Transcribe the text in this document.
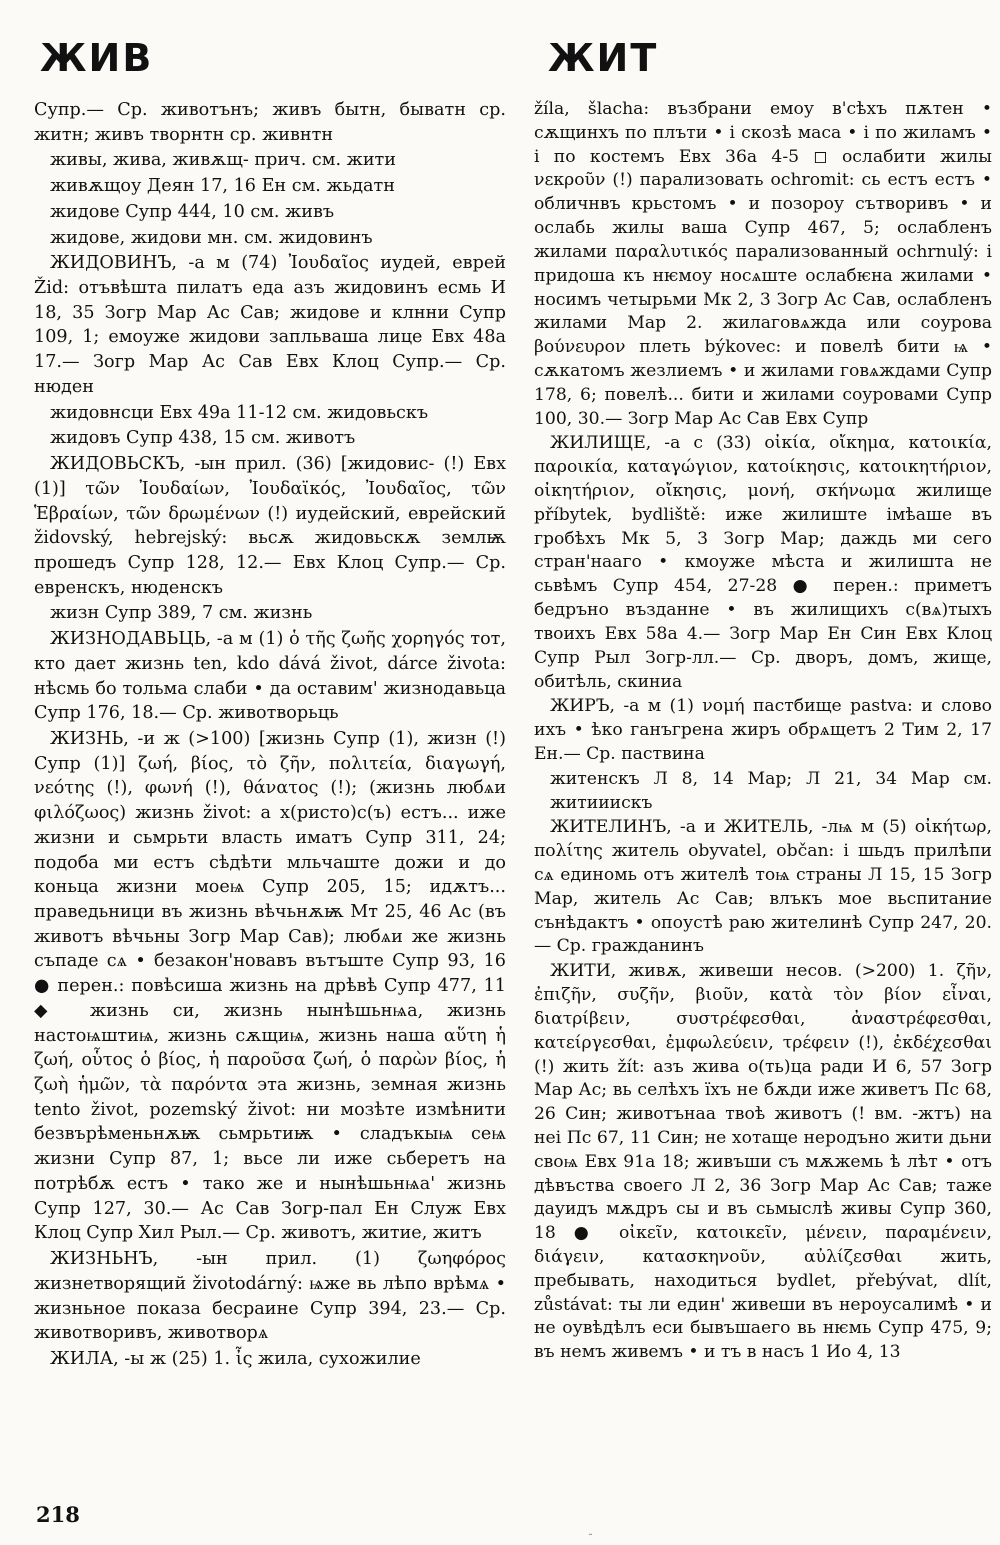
ЖИВ	ЖИТ

Супр.— Ср. животънъ; живъ бытн, быватн ср. житн; живъ творнтн ср. живнтн

живы, жива, живѫщ- прич. см. жити

живѫщоу Деян 17, 16 Ен см. жьдатн

жидове Супр 444, 10 см. живъ

жидове, жидови мн. см. жидовинъ

ЖИДОВИНЪ, -а м (74) Ἰουδαῖος иудей, еврей Žid: отъвѣшта пилатъ еда азъ жидовинъ есмь И 18, 35 Зогр Мар Ас Сав; жидове и клнни Супр 109, 1; емоуже жидови запльваша лице Евх 48а 17.— Зогр Мар Ас Сав Евх Клоц Супр.— Ср. нюден

жидовнсци Евх 49а 11-12 см. жидовьскъ

жидовъ Супр 438, 15 см. животъ

ЖИДОВЬСКЪ, -ын прил. (36) [жидовис- (!) Евх (1)] τῶν Ἰουδαίων, Ἰουδαϊκός, Ἰουδαῖος, τῶν Ἑβραίων, τῶν δρωμένων (!) иудейский, еврейский židovský, hebrejský: вьсѫ жидовьскѫ землѭ прошедъ Супр 128, 12.— Евх Клоц Супр.— Ср. евренскъ, нюденскъ

жизн Супр 389, 7 см. жизнь

ЖИЗНОДАВЬЦЬ, -а м (1) ὁ τῆς ζωῆς χορηγός тот, кто дает жизнь ten, kdo dává život, dárce života: нѣсмь бо тольма слаби • да оставим' жизнодавьца Супр 176, 18.— Ср. животворьць

ЖИЗНЬ, -и ж (>100) [жизнь Супр (1), жизн (!) Супр (1)] ζωή, βίος, τὸ ζῆν, πολιτεία, διαγωγή, νεότης (!), φωνή (!), θάνατος (!); (жизнь любѧи φιλόζωος) жизнь život: а х(ристо)с(ъ) естъ... иже жизни и сьмрьти власть иматъ Супр 311, 24; подоба ми естъ сѣдѣти мльчаште дожи и до коньца жизни моеѩ Супр 205, 15; идѫтъ... праведьници въ жизнь вѣчьнѫѭ Мт 25, 46 Ас (въ животъ вѣчьны Зогр Мар Сав); любѧи же жизнь съпаде сѧ • безакон'новавъ вътъште Супр 93, 16 ● перен.: повѣсиша жизнь на дрѣвѣ Супр 477, 11 ◆ жизнь си, жизнь нынѣшьнѩа, жизнь настоѩштиѩ, жизнь сѫщиѩ, жизнь наша αὕτη ἡ ζωή, οὗτος ὁ βίος, ἡ παροῦσα ζωή, ὁ παρὼν βίος, ἡ ζωὴ ἡμῶν, τὰ παρόντα эта жизнь, земная жизнь tento život, pozemský život: ни мозѣте измѣнити безвърѣменьнѫѭ сьмрьтиѭ • сладъкыѩ сеѩ жизни Супр 87, 1; вьсе ли иже сьберетъ на потрѣбѫ естъ • тако же и нынѣшьнѩа' жизнь Супр 127, 30.— Ас Сав Зогр-пал Ен Служ Евх Клоц Супр Хил Рыл.— Ср. животъ, житие, житъ

ЖИЗНЬНЪ, -ын прил. (1) ζωηφόρος жизнетворящий životodárný: ѩже вь лѣпо врѣмѧ • жизньное показа бесраине Супр 394, 23.— Ср. животворивъ, животворѧ

ЖИЛА, -ы ж (25) 1. ἶς жила, сухожилие

žíla, šlacha: възбрани емоу в'сѣхъ пѫтен • сѫщинхъ по плъти • і скозѣ маса • і по жиламъ • і по костемъ Евх 36а 4-5 ◻ ослабити жилы νεκροῦν (!) парализовать ochromit: сь естъ естъ • обличнвъ крьстомъ • и позороу сътворивъ • и ослабь жилы ваша Супр 467, 5; ослабленъ жилами παραλυτικός парализованный ochrnulý: і придоша къ нѥмоу носѧште ослабѥна жилами • носимъ четырьми Мк 2, 3 Зогр Ас Сав, ослабленъ жилами Мар 2. жилаговѧжда или соурова βούνευρον плеть býkovec: и повелѣ бити ѩ • сѫкатомъ жезлиемъ • и жилами говѧждами Супр 178, 6; повелѣ... бити и жилами соуровами Супр 100, 30.— Зогр Мар Ас Сав Евх Супр

ЖИЛИЩЕ, -а с (33) οἰκία, οἴκημα, κατοικία, παροικία, καταγώγιον, κατοίκησις, κατοικητήριον, οἰκητήριον, οἴκησις, μονή, σκήνωμα жилище příbytek, bydliště: иже жилиште імѣаше въ гробѣхъ Мк 5, 3 Зогр Мар; даждь ми сего стран'нааго • кмоуже мѣста и жилишта не сьвѣмъ Супр 454, 27-28 ● перен.: приметъ бедръно възданне • въ жилищихъ с(вѧ)тыхъ твоихъ Евх 58а 4.— Зогр Мар Ен Син Евх Клоц Супр Рыл Зогр-лл.— Ср. дворъ, домъ, жище, обитѣль, скиниа

ЖИРЪ, -а м (1) νομή пастбище pastva: и слово ихъ • ѣко ганъгрена жиръ обрѧщетъ 2 Тим 2, 17 Ен.— Ср. паствина

житенскъ Л 8, 14 Мар; Л 21, 34 Мар см. житииискъ

ЖИТЕЛИНЪ, -а и ЖИТЕЛЬ, -лѩ м (5) οἰκήτωρ, πολίτης житель obyvatel, občan: і шьдъ прилѣпи сѧ единомь отъ жителѣ тоѩ страны Л 15, 15 Зогр Мар, житель Ас Сав; влъкъ мое вьспитание сънѣдактъ • опоустѣ раю жителинѣ Супр 247, 20.— Ср. гражданинъ

ЖИТИ, живѫ, живеши несов. (>200) 1. ζῆν, ἐπιζῆν, συζῆν, βιοῦν, κατὰ τὸν βίον εἶναι, διατρίβειν, συστρέφεσθαι, ἀναστρέφεσθαι, κατείργεσθαι, ἐμφωλεύειν, τρέφειν (!), ἐκδέχεσθαι (!) жить žít: азъ жива о(ть)ца ради И 6, 57 Зогр Мар Ас; вь селѣхъ їхъ не бѫди иже живетъ Пс 68, 26 Син; животънаа твоѣ животъ (! вм. -жтъ) на неі Пс 67, 11 Син; не хотаще неродъно жити дьни своѩ Евх 91а 18; живъши съ мѫжемь ѣ лѣт • отъ дѣвъства своего Л 2, 36 Зогр Мар Ас Сав; таже дауидъ мѫдръ сы и въ сьмыслѣ живы Супр 360, 18 ● οἰκεῖν, κατοικεῖν, μένειν, παραμένειν, διάγειν, κατασκηνοῦν, αὐλίζεσθαι жить, пребывать, находиться bydlet, přebývat, dlít, zůstávat: ты ли един' живеши въ нероусалимѣ • и не оувѣдѣлъ еси бывъшаего вь нѥмь Супр 475, 9; въ немъ живемъ • и тъ в насъ 1 Ио 4, 13

218
˘
